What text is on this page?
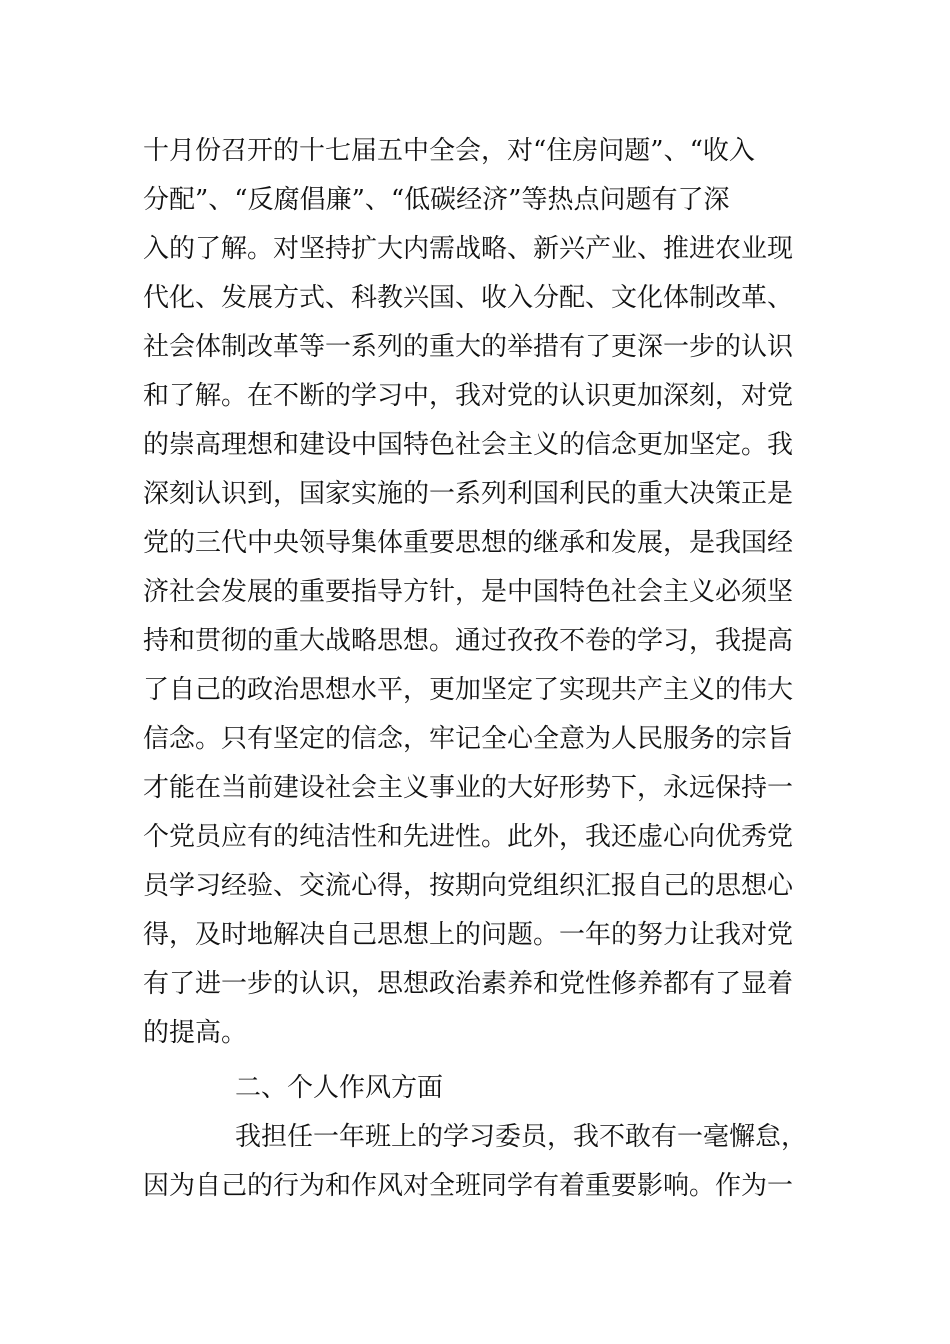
十月份召开的十七届五中全会，对“住房问题”、“收入
分配”、“反腐倡廉”、“低碳经济”等热点问题有了深
入的了解。对坚持扩大内需战略、新兴产业、推进农业现
代化、发展方式、科教兴国、收入分配、文化体制改革、
社会体制改革等一系列的重大的举措有了更深一步的认识
和了解。在不断的学习中，我对党的认识更加深刻，对党
的崇高理想和建设中国特色社会主义的信念更加坚定。我
深刻认识到，国家实施的一系列利国利民的重大决策正是
党的三代中央领导集体重要思想的继承和发展，是我国经
济社会发展的重要指导方针，是中国特色社会主义必须坚
持和贯彻的重大战略思想。通过孜孜不卷的学习，我提高
了自己的政治思想水平，更加坚定了实现共产主义的伟大
信念。只有坚定的信念，牢记全心全意为人民服务的宗旨
才能在当前建设社会主义事业的大好形势下，永远保持一
个党员应有的纯洁性和先进性。此外，我还虚心向优秀党
员学习经验、交流心得，按期向党组织汇报自己的思想心
得，及时地解决自己思想上的问题。一年的努力让我对党
有了进一步的认识，思想政治素养和党性修养都有了显着
的提高。
二、个人作风方面
我担任一年班上的学习委员，我不敢有一毫懈怠，
因为自己的行为和作风对全班同学有着重要影响。作为一
